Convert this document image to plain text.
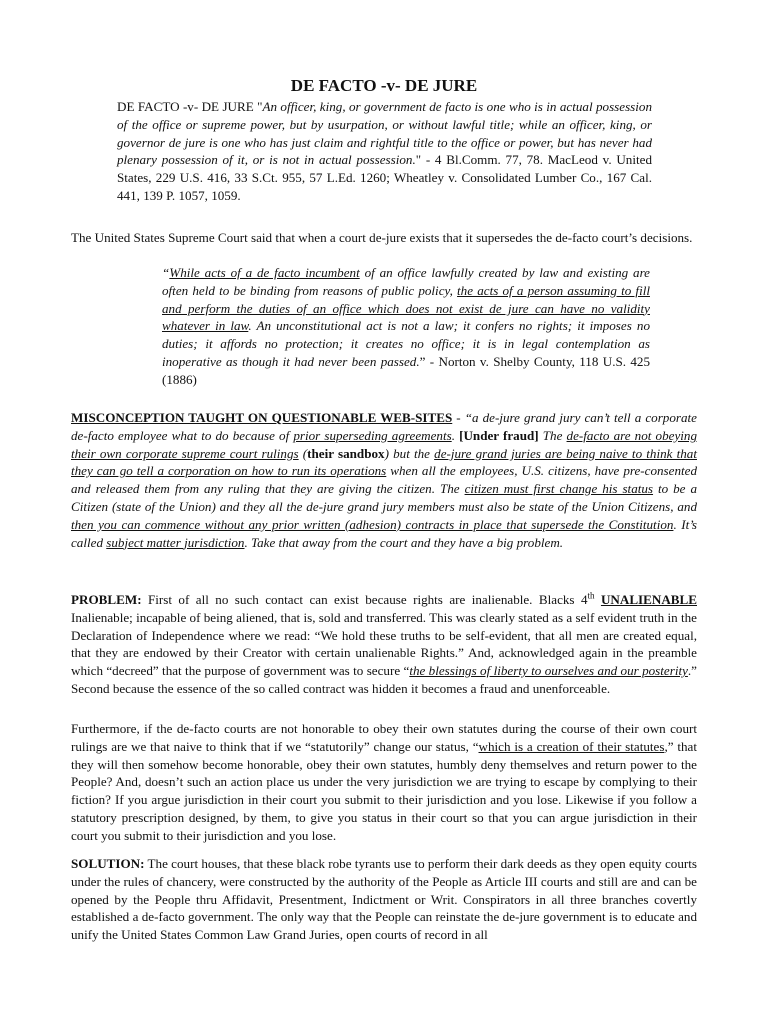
DE FACTO -v- DE JURE
DE FACTO -v- DE JURE "An officer, king, or government de facto is one who is in actual possession of the office or supreme power, but by usurpation, or without lawful title; while an officer, king, or governor de jure is one who has just claim and rightful title to the office or power, but has never had plenary possession of it, or is not in actual possession." - 4 Bl.Comm. 77, 78. MacLeod v. United States, 229 U.S. 416, 33 S.Ct. 955, 57 L.Ed. 1260; Wheatley v. Consolidated Lumber Co., 167 Cal. 441, 139 P. 1057, 1059.
The United States Supreme Court said that when a court de-jure exists that it supersedes the de-facto court’s decisions.
“While acts of a de facto incumbent of an office lawfully created by law and existing are often held to be binding from reasons of public policy, the acts of a person assuming to fill and perform the duties of an office which does not exist de jure can have no validity whatever in law. An unconstitutional act is not a law; it confers no rights; it imposes no duties; it affords no protection; it creates no office; it is in legal contemplation as inoperative as though it had never been passed.” - Norton v. Shelby County, 118 U.S. 425 (1886)
MISCONCEPTION TAUGHT ON QUESTIONABLE WEB-SITES - “a de-jure grand jury can’t tell a corporate de-facto employee what to do because of prior superseding agreements. [Under fraud] The de-facto are not obeying their own corporate supreme court rulings (their sandbox) but the de-jure grand juries are being naive to think that they can go tell a corporation on how to run its operations when all the employees, U.S. citizens, have pre-consented and released them from any ruling that they are giving the citizen. The citizen must first change his status to be a Citizen (state of the Union) and they all the de-jure grand jury members must also be state of the Union Citizens, and then you can commence without any prior written (adhesion) contracts in place that supersede the Constitution. It’s called subject matter jurisdiction. Take that away from the court and they have a big problem.
PROBLEM: First of all no such contact can exist because rights are inalienable. Blacks 4th UNALIENABLE Inalienable; incapable of being aliened, that is, sold and transferred. This was clearly stated as a self evident truth in the Declaration of Independence where we read: “We hold these truths to be self-evident, that all men are created equal, that they are endowed by their Creator with certain unalienable Rights.” And, acknowledged again in the preamble which “decreed” that the purpose of government was to secure “the blessings of liberty to ourselves and our posterity.” Second because the essence of the so called contract was hidden it becomes a fraud and unenforceable.
Furthermore, if the de-facto courts are not honorable to obey their own statutes during the course of their own court rulings are we that naive to think that if we “statutorily” change our status, “which is a creation of their statutes,” that they will then somehow become honorable, obey their own statutes, humbly deny themselves and return power to the People? And, doesn’t such an action place us under the very jurisdiction we are trying to escape by complying to their fiction? If you argue jurisdiction in their court you submit to their jurisdiction and you lose. Likewise if you follow a statutory prescription designed, by them, to give you status in their court so that you can argue jurisdiction in their court you submit to their jurisdiction and you lose.
SOLUTION: The court houses, that these black robe tyrants use to perform their dark deeds as they open equity courts under the rules of chancery, were constructed by the authority of the People as Article III courts and still are and can be opened by the People thru Affidavit, Presentment, Indictment or Writ. Conspirators in all three branches covertly established a de-facto government. The only way that the People can reinstate the de-jure government is to educate and unify the United States Common Law Grand Juries, open courts of record in all
